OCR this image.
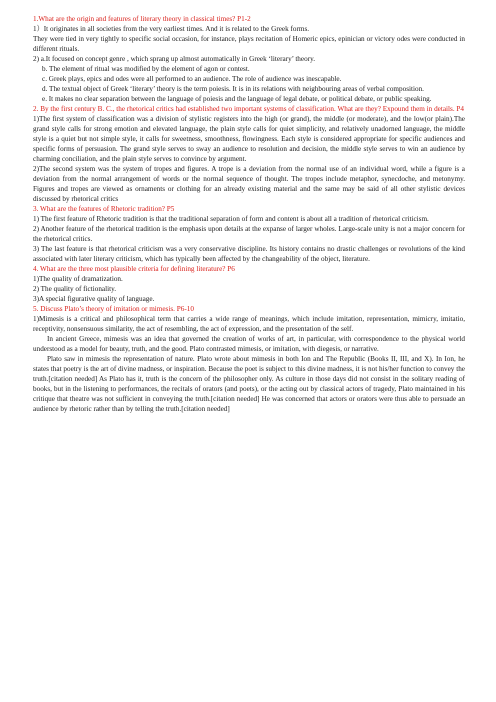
1.What are the origin and features of literary theory in classical times? P1-2

1）It originates in all societies from the very earliest times. And it is related to the Greek forms.

They were tied in very tightly to specific social occasion, for instance, plays recitation of Homeric epics, epinician or victory odes were conducted in different rituals.

2) a.It focused on concept genre , which sprang up almost automatically in Greek ‘literary’ theory.

b. The element of ritual was modified by the element of agon or contest.

c. Greek plays, epics and odes were all performed to an audience. The role of audience was inescapable.

d. The textual object of Greek ‘literary’ theory is the term poiesis. It is in its relations with neighbouring areas of verbal composition.

e. It makes no clear separation between the language of poiesis and the language of legal debate, or political debate, or public speaking.

2. By the first century B. C., the rhetorical critics had established two important systems of classification. What are they? Expound them in details. P4

1)The first system of classification was a division of stylistic registers into the high (or grand), the middle (or moderate), and the low(or plain).The grand style calls for strong emotion and elevated language, the plain style calls for quiet simplicity, and relatively unadorned language, the middle style is a quiet but not simple style, it calls for sweetness, smoothness, flowingness. Each style is considered appropriate for specific audiences and specific forms of persuasion. The grand style serves to sway an audience to resolution and decision, the middle style serves to win an audience by charming conciliation, and the plain style serves to convince by argument.

2)The second system was the system of tropes and figures. A trope is a deviation from the normal use of an individual word, while a figure is a deviation from the normal arrangement of words or the normal sequence of thought. The tropes include metaphor, synecdoche, and metonymy. Figures and tropes are viewed as ornaments or clothing for an already existing material and the same may be said of all other stylistic devices discussed by rhetorical critics

3. What are the features of Rhetoric tradition? P5

1) The first feature of Rhetoric tradition is that the traditional separation of form and content is about all a tradition of rhetorical criticism.

2) Another feature of the rhetorical tradition is the emphasis upon details at the expanse of larger wholes. Large-scale unity is not a major concern for the rhetorical critics.

3) The last feature is that rhetorical criticism was a very conservative discipline. Its history contains no drastic challenges or revolutions of the kind associated with later literary criticism, which has typically been affected by the changeability of the object, literature.

4. What are the three most plausible criteria for defining literature? P6

1)The quality of dramatization.

2) The quality of fictionality.

3)A special figurative quality of language.

5. Discuss Plato’s theory of imitation or mimesis. P6-10

1)Mimesis is a critical and philosophical term that carries a wide range of meanings, which include imitation, representation, mimicry, imitatio, receptivity, nonsensuous similarity, the act of resembling, the act of expression, and the presentation of the self.

In ancient Greece, mimesis was an idea that governed the creation of works of art, in particular, with correspondence to the physical world understood as a model for beauty, truth, and the good. Plato contrasted mimesis, or imitation, with diegesis, or narrative.

Plato saw in mimesis the representation of nature. Plato wrote about mimesis in both Ion and The Republic (Books II, III, and X). In Ion, he states that poetry is the art of divine madness, or inspiration. Because the poet is subject to this divine madness, it is not his/her function to convey the truth.[citation needed] As Plato has it, truth is the concern of the philosopher only. As culture in those days did not consist in the solitary reading of books, but in the listening to performances, the recitals of orators (and poets), or the acting out by classical actors of tragedy, Plato maintained in his critique that theatre was not sufficient in conveying the truth.[citation needed] He was concerned that actors or orators were thus able to persuade an audience by rhetoric rather than by telling the truth.[citation needed]
